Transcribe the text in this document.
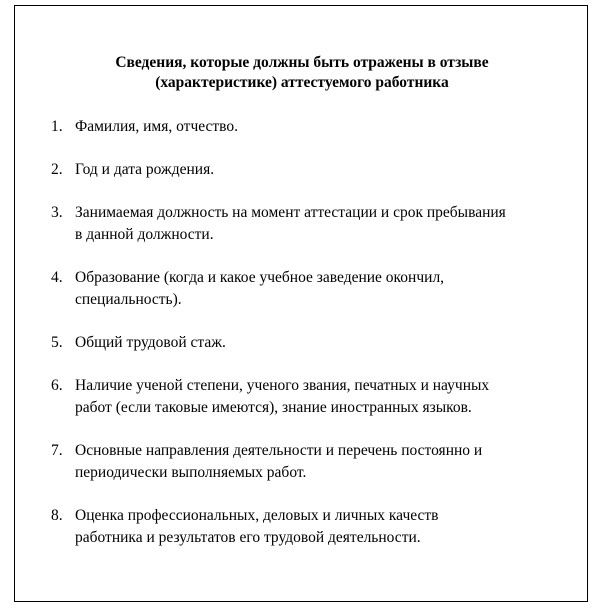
Сведения, которые должны быть отражены в отзыве
(характеристике) аттестуемого работника
1. Фамилия, имя, отчество.
2. Год и дата рождения.
3. Занимаемая должность на момент аттестации и срок пребывания
в данной должности.
4. Образование (когда и какое учебное заведение окончил,
специальность).
5. Общий трудовой стаж.
6. Наличие ученой степени, ученого звания, печатных и научных
работ (если таковые имеются), знание иностранных языков.
7. Основные направления деятельности и перечень постоянно и
периодически выполняемых работ.
8. Оценка профессиональных, деловых и личных качеств
работника и результатов его трудовой деятельности.
